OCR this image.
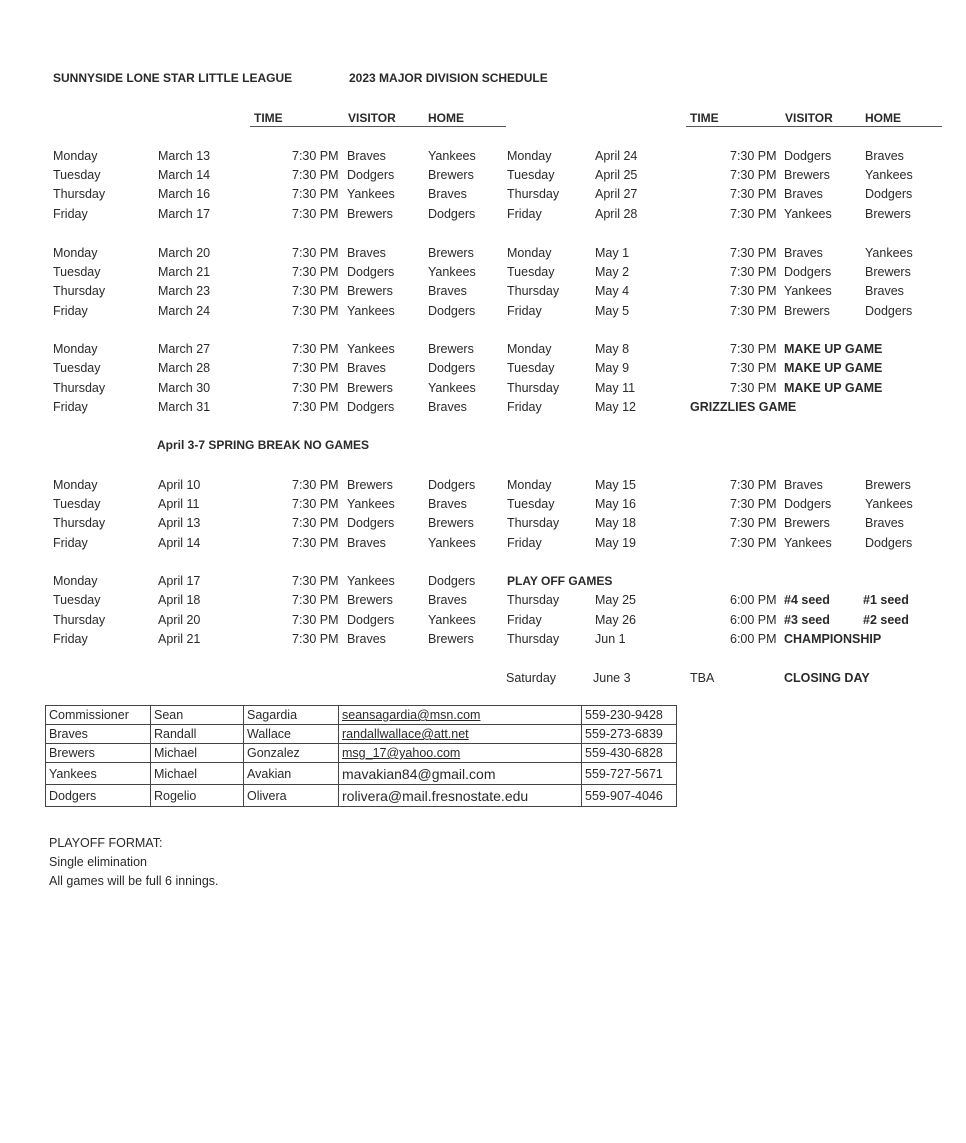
SUNNYSIDE LONE STAR LITTLE LEAGUE	2023 MAJOR DIVISION SCHEDULE
TIME	VISITOR	HOME	TIME	VISITOR	HOME
Monday	March 13	7:30 PM Braves	Yankees
Tuesday	March 14	7:30 PM Dodgers	Brewers
Thursday	March 16	7:30 PM Yankees	Braves
Friday	March 17	7:30 PM Brewers	Dodgers
Monday	March 20	7:30 PM Braves	Brewers
Tuesday	March 21	7:30 PM Dodgers	Yankees
Thursday	March 23	7:30 PM Brewers	Braves
Friday	March 24	7:30 PM Yankees	Dodgers
Monday	March 27	7:30 PM Yankees	Brewers
Tuesday	March 28	7:30 PM Braves	Dodgers
Thursday	March 30	7:30 PM Brewers	Yankees
Friday	March 31	7:30 PM Dodgers	Braves
Monday	April 10	7:30 PM Brewers	Dodgers
Tuesday	April 11	7:30 PM Yankees	Braves
Thursday	April 13	7:30 PM Dodgers	Brewers
Friday	April 14	7:30 PM Braves	Yankees
Monday	April 17	7:30 PM Yankees	Dodgers
Tuesday	April 18	7:30 PM Brewers	Braves
Thursday	April 20	7:30 PM Dodgers	Yankees
Friday	April 21	7:30 PM Braves	Brewers
April 3-7 SPRING BREAK NO GAMES
Monday	April 24	7:30 PM Dodgers	Braves
Tuesday	April 25	7:30 PM Brewers	Yankees
Thursday	April 27	7:30 PM Braves	Dodgers
Friday	April 28	7:30 PM Yankees	Brewers
Monday	May 1	7:30 PM Braves	Yankees
Tuesday	May 2	7:30 PM Dodgers	Brewers
Thursday	May 4	7:30 PM Yankees	Braves
Friday	May 5	7:30 PM Brewers	Dodgers
Monday	May 8	7:30 PM MAKE UP GAME
Tuesday	May 9	7:30 PM MAKE UP GAME
Thursday	May 11	7:30 PM MAKE UP GAME
Friday	May 12	GRIZZLIES GAME
Monday	May 15	7:30 PM Braves	Brewers
Tuesday	May 16	7:30 PM Dodgers	Yankees
Thursday	May 18	7:30 PM Brewers	Braves
Friday	May 19	7:30 PM Yankees	Dodgers
PLAY OFF GAMES
Thursday	May 25	6:00 PM #4 seed	#1 seed
Friday	May 26	6:00 PM #3 seed	#2 seed
Thursday	Jun 1	6:00 PM CHAMPIONSHIP
Saturday	June 3	TBA	CLOSING DAY
Commissioner	Sean	Sagardia	seansagardia@msn.com	559-230-9428
Braves	Randall	Wallace	randallwallace@att.net	559-273-6839
Brewers	Michael	Gonzalez	msg_17@yahoo.com	559-430-6828
Yankees	Michael	Avakian	mavakian84@gmail.com	559-727-5671
Dodgers	Rogelio	Olivera	rolivera@mail.fresnostate.edu	559-907-4046
PLAYOFF FORMAT:
Single elimination
All games will be full 6 innings.
